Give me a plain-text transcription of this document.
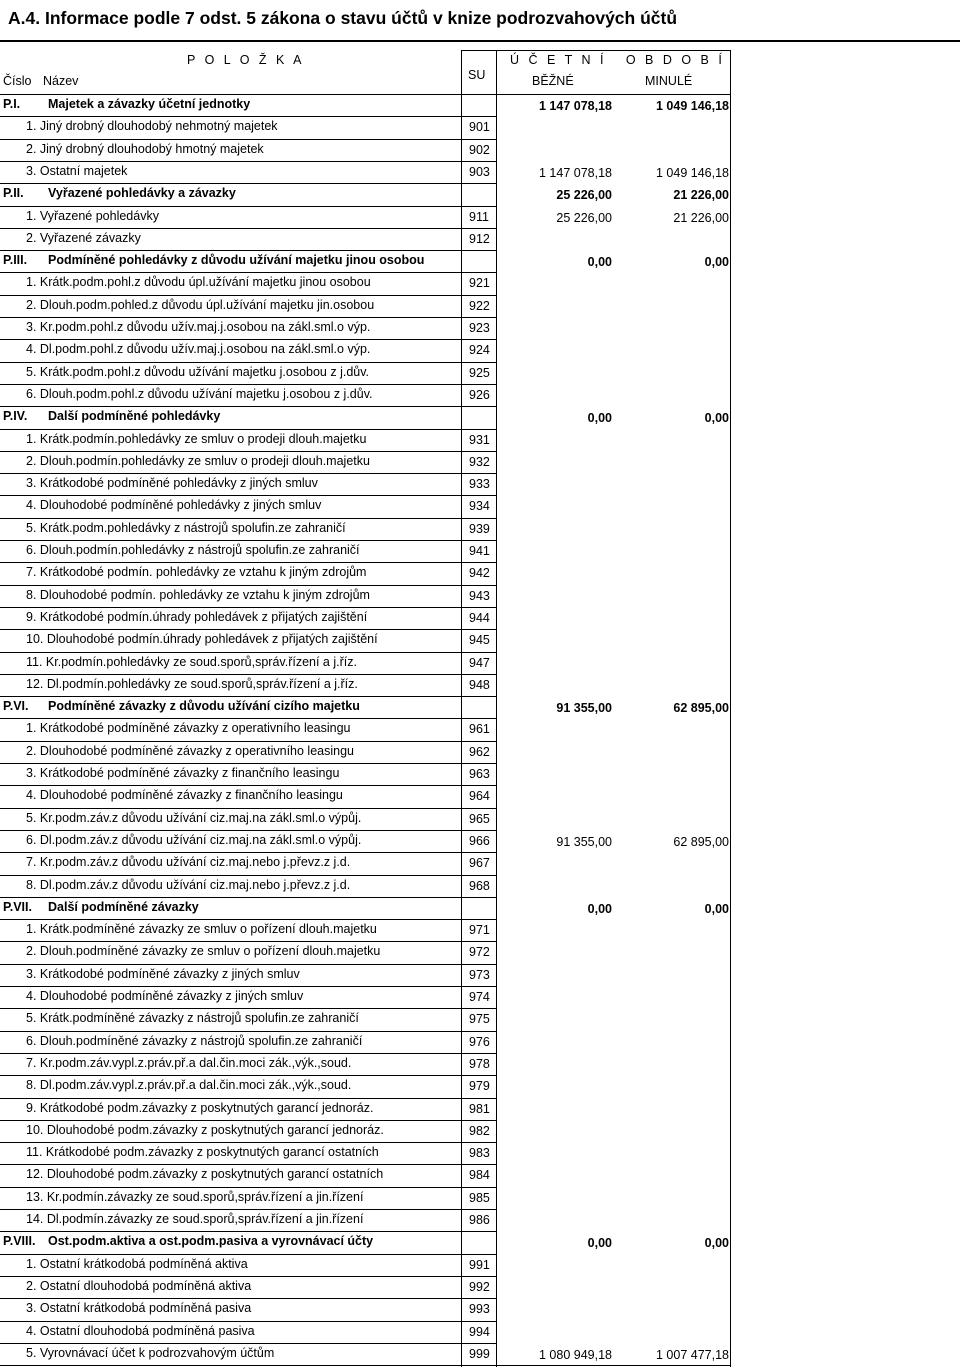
A.4. Informace podle 7 odst. 5 zákona o stavu účtů v knize podrozvahových účtů
P O L O Ž K A
Číslo Název	SU
Ú Č E T N Í   O B D O B Í
BĚŽNÉ	MINULÉ
P.I. Majetek a závazky účetní jednotky	1 147 078,18	1 049 146,18
1. Jiný drobný dlouhodobý nehmotný majetek	901
2. Jiný drobný dlouhodobý hmotný majetek	902
3. Ostatní majetek	903	1 147 078,18	1 049 146,18
P.II. Vyřazené pohledávky a závazky	25 226,00	21 226,00
1. Vyřazené pohledávky	911	25 226,00	21 226,00
2. Vyřazené závazky	912
P.III. Podmíněné pohledávky z důvodu užívání majetku jinou osobou	0,00	0,00
1. Krátk.podm.pohl.z důvodu úpl.užívání majetku jinou osobou	921
2. Dlouh.podm.pohled.z důvodu úpl.užívání majetku jin.osobou	922
3. Kr.podm.pohl.z důvodu užív.maj.j.osobou na zákl.sml.o výp.	923
4. Dl.podm.pohl.z důvodu užív.maj.j.osobou na zákl.sml.o výp.	924
5. Krátk.podm.pohl.z důvodu užívání majetku j.osobou z j.dův.	925
6. Dlouh.podm.pohl.z důvodu užívání majetku j.osobou z j.dův.	926
P.IV. Další podmíněné pohledávky	0,00	0,00
1. Krátk.podmín.pohledávky ze smluv o prodeji dlouh.majetku	931
2. Dlouh.podmín.pohledávky ze smluv o prodeji dlouh.majetku	932
3. Krátkodobé podmíněné pohledávky z jiných smluv	933
4. Dlouhodobé podmíněné pohledávky z jiných smluv	934
5. Krátk.podm.pohledávky z nástrojů spolufin.ze zahraničí	939
6. Dlouh.podmín.pohledávky z nástrojů spolufin.ze zahraničí	941
7. Krátkodobé podmín. pohledávky ze vztahu k jiným zdrojům	942
8. Dlouhodobé podmín. pohledávky ze vztahu k jiným zdrojům	943
9. Krátkodobé podmín.úhrady pohledávek z přijatých zajištění	944
10. Dlouhodobé podmín.úhrady pohledávek z přijatých zajištění	945
11. Kr.podmín.pohledávky ze soud.sporů,správ.řízení a j.říz.	947
12. Dl.podmín.pohledávky ze soud.sporů,správ.řízení a j.říz.	948
P.VI. Podmíněné závazky z důvodu užívání cizího majetku	91 355,00	62 895,00
1. Krátkodobé podmíněné závazky z operativního leasingu	961
2. Dlouhodobé podmíněné závazky z operativního leasingu	962
3. Krátkodobé podmíněné závazky z finančního leasingu	963
4. Dlouhodobé podmíněné závazky z finančního leasingu	964
5. Kr.podm.záv.z důvodu užívání ciz.maj.na zákl.sml.o výpůj.	965
6. Dl.podm.záv.z důvodu užívání ciz.maj.na zákl.sml.o výpůj.	966	91 355,00	62 895,00
7. Kr.podm.záv.z důvodu užívání ciz.maj.nebo j.převz.z j.d.	967
8. Dl.podm.záv.z důvodu užívání ciz.maj.nebo j.převz.z j.d.	968
P.VII. Další podmíněné závazky	0,00	0,00
1. Krátk.podmíněné závazky ze smluv o pořízení dlouh.majetku	971
2. Dlouh.podmíněné závazky ze smluv o pořízení dlouh.majetku	972
3. Krátkodobé podmíněné závazky z jiných smluv	973
4. Dlouhodobé podmíněné závazky z jiných smluv	974
5. Krátk.podmíněné závazky z nástrojů spolufin.ze zahraničí	975
6. Dlouh.podmíněné závazky z nástrojů spolufin.ze zahraničí	976
7. Kr.podm.záv.vypl.z.práv.př.a dal.čin.moci zák.,výk.,soud.	978
8. Dl.podm.záv.vypl.z.práv.př.a dal.čin.moci zák.,výk.,soud.	979
9. Krátkodobé podm.závazky z poskytnutých garancí jednoráz.	981
10. Dlouhodobé podm.závazky z poskytnutých garancí jednoráz.	982
11. Krátkodobé podm.závazky z poskytnutých garancí ostatních	983
12. Dlouhodobé podm.závazky z poskytnutých garancí ostatních	984
13. Kr.podmín.závazky ze soud.sporů,správ.řízení a jin.řízení	985
14. Dl.podmín.závazky ze soud.sporů,správ.řízení a jin.řízení	986
P.VIII. Ost.podm.aktiva a ost.podm.pasiva a vyrovnávací účty	0,00	0,00
1. Ostatní krátkodobá podmíněná aktiva	991
2. Ostatní dlouhodobá podmíněná aktiva	992
3. Ostatní krátkodobá podmíněná pasiva	993
4. Ostatní dlouhodobá podmíněná pasiva	994
5. Vyrovnávací účet k podrozvahovým účtům	999	1 080 949,18	1 007 477,18
